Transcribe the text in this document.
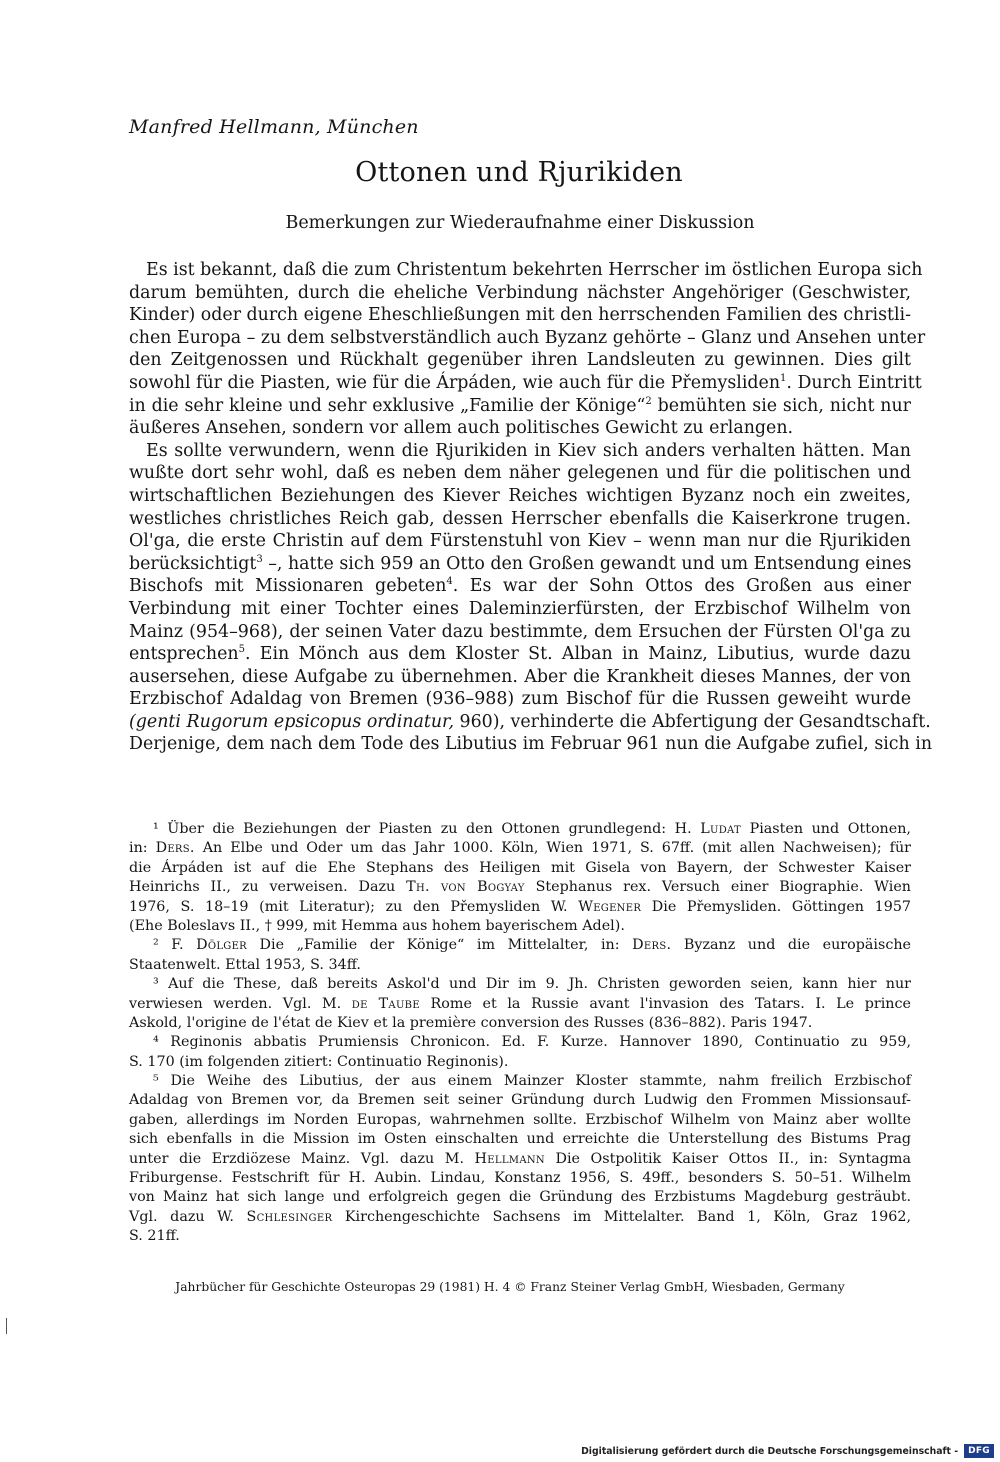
Manfred Hellmann, München
Ottonen und Rjurikiden
Bemerkungen zur Wiederaufnahme einer Diskussion
Es ist bekannt, daß die zum Christentum bekehrten Herrscher im östlichen Europa sich
darum bemühten, durch die eheliche Verbindung nächster Angehöriger (Geschwister,
Kinder) oder durch eigene Eheschließungen mit den herrschenden Familien des christli-
chen Europa – zu dem selbstverständlich auch Byzanz gehörte – Glanz und Ansehen unter
den Zeitgenossen und Rückhalt gegenüber ihren Landsleuten zu gewinnen. Dies gilt
sowohl für die Piasten, wie für die Árpáden, wie auch für die Přemysliden$^1$. Durch Eintritt
in die sehr kleine und sehr exklusive „Familie der Könige“$^2$ bemühten sie sich, nicht nur
äußeres Ansehen, sondern vor allem auch politisches Gewicht zu erlangen.
Es sollte verwundern, wenn die Rjurikiden in Kiev sich anders verhalten hätten. Man
wußte dort sehr wohl, daß es neben dem näher gelegenen und für die politischen und
wirtschaftlichen Beziehungen des Kiever Reiches wichtigen Byzanz noch ein zweites,
westliches christliches Reich gab, dessen Herrscher ebenfalls die Kaiserkrone trugen.
Ol'ga, die erste Christin auf dem Fürstenstuhl von Kiev – wenn man nur die Rjurikiden
berücksichtigt$^3$ –, hatte sich 959 an Otto den Großen gewandt und um Entsendung eines
Bischofs mit Missionaren gebeten$^4$. Es war der Sohn Ottos des Großen aus einer
Verbindung mit einer Tochter eines Daleminzierfürsten, der Erzbischof Wilhelm von
Mainz (954–968), der seinen Vater dazu bestimmte, dem Ersuchen der Fürsten Ol'ga zu
entsprechen$^5$. Ein Mönch aus dem Kloster St. Alban in Mainz, Libutius, wurde dazu
ausersehen, diese Aufgabe zu übernehmen. Aber die Krankheit dieses Mannes, der von
Erzbischof Adaldag von Bremen (936–988) zum Bischof für die Russen geweiht wurde
(genti Rugorum epsicopus ordinatur, 960), verhinderte die Abfertigung der Gesandtschaft.
Derjenige, dem nach dem Tode des Libutius im Februar 961 nun die Aufgabe zufiel, sich in
¹ Über die Beziehungen der Piasten zu den Ottonen grundlegend: H. Ludat Piasten und Ottonen,
in: Ders. An Elbe und Oder um das Jahr 1000. Köln, Wien 1971, S. 67ff. (mit allen Nachweisen); für
die Árpáden ist auf die Ehe Stephans des Heiligen mit Gisela von Bayern, der Schwester Kaiser
Heinrichs II., zu verweisen. Dazu Th. von Bogyay Stephanus rex. Versuch einer Biographie. Wien
1976, S. 18–19 (mit Literatur); zu den Přemysliden W. Wegener Die Přemysliden. Göttingen 1957
(Ehe Boleslavs II., † 999, mit Hemma aus hohem bayerischem Adel).
² F. Dölger Die „Familie der Könige“ im Mittelalter, in: Ders. Byzanz und die europäische
Staatenwelt. Ettal 1953, S. 34ff.
³ Auf die These, daß bereits Askol'd und Dir im 9. Jh. Christen geworden seien, kann hier nur
verwiesen werden. Vgl. M. de Taube Rome et la Russie avant l'invasion des Tatars. I. Le prince
Askold, l'origine de l'état de Kiev et la première conversion des Russes (836–882). Paris 1947.
⁴ Reginonis abbatis Prumiensis Chronicon. Ed. F. Kurze. Hannover 1890, Continuatio zu 959,
S. 170 (im folgenden zitiert: Continuatio Reginonis).
⁵ Die Weihe des Libutius, der aus einem Mainzer Kloster stammte, nahm freilich Erzbischof
Adaldag von Bremen vor, da Bremen seit seiner Gründung durch Ludwig den Frommen Missionsauf-
gaben, allerdings im Norden Europas, wahrnehmen sollte. Erzbischof Wilhelm von Mainz aber wollte
sich ebenfalls in die Mission im Osten einschalten und erreichte die Unterstellung des Bistums Prag
unter die Erzdiözese Mainz. Vgl. dazu M. Hellmann Die Ostpolitik Kaiser Ottos II., in: Syntagma
Friburgense. Festschrift für H. Aubin. Lindau, Konstanz 1956, S. 49ff., besonders S. 50–51. Wilhelm
von Mainz hat sich lange und erfolgreich gegen die Gründung des Erzbistums Magdeburg gesträubt.
Vgl. dazu W. Schlesinger Kirchengeschichte Sachsens im Mittelalter. Band 1, Köln, Graz 1962,
S. 21ff.
Jahrbücher für Geschichte Osteuropas 29 (1981) H. 4 © Franz Steiner Verlag GmbH, Wiesbaden, Germany
Digitalisierung gefördert durch die Deutsche Forschungsgemeinschaft -	DFG
